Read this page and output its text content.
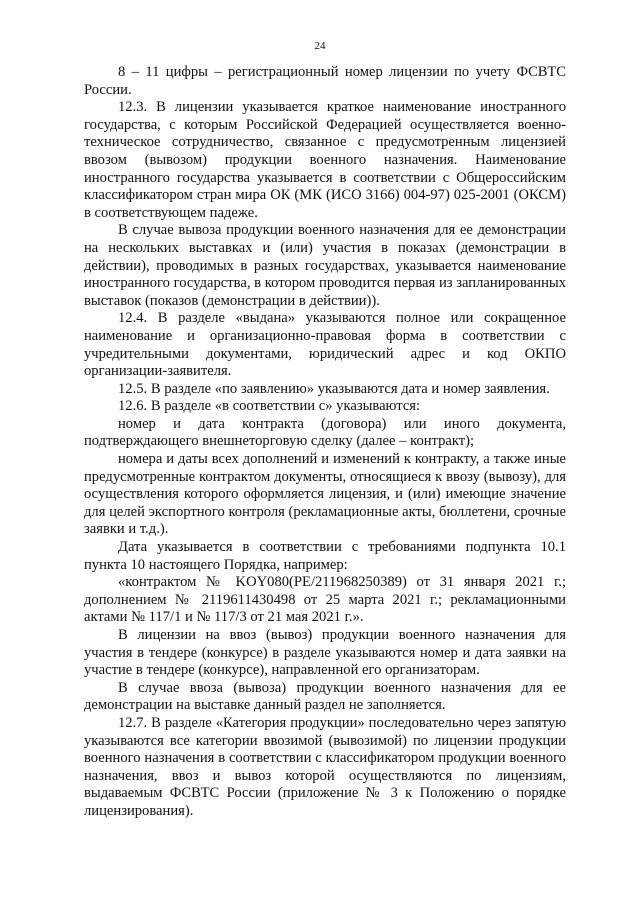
24

8 – 11 цифры – регистрационный номер лицензии по учету ФСВТС России.

12.3. В лицензии указывается краткое наименование иностранного государства, с которым Российской Федерацией осуществляется военно-техническое сотрудничество, связанное с предусмотренным лицензией ввозом (вывозом) продукции военного назначения. Наименование иностранного государства указывается в соответствии с Общероссийским классификатором стран мира ОК (МК (ИСО 3166) 004-97) 025-2001 (ОКСМ) в соответствующем падеже.

В случае вывоза продукции военного назначения для ее демонстрации на нескольких выставках и (или) участия в показах (демонстрации в действии), проводимых в разных государствах, указывается наименование иностранного государства, в котором проводится первая из запланированных выставок (показов (демонстрации в действии)).

12.4. В разделе «выдана» указываются полное или сокращенное наименование и организационно-правовая форма в соответствии с учредительными документами, юридический адрес и код ОКПО организации-заявителя.

12.5. В разделе «по заявлению» указываются дата и номер заявления.

12.6. В разделе «в соответствии с» указываются:

номер и дата контракта (договора) или иного документа, подтверждающего внешнеторговую сделку (далее – контракт);

номера и даты всех дополнений и изменений к контракту, а также иные предусмотренные контрактом документы, относящиеся к ввозу (вывозу), для осуществления которого оформляется лицензия, и (или) имеющие значение для целей экспортного контроля (рекламационные акты, бюллетени, срочные заявки и т.д.).

Дата указывается в соответствии с требованиями подпункта 10.1 пункта 10 настоящего Порядка, например:

«контрактом № KOY080(PE/211968250389) от 31 января 2021 г.; дополнением № 2119611430498 от 25 марта 2021 г.; рекламационными актами № 117/1 и № 117/3 от 21 мая 2021 г.».

В лицензии на ввоз (вывоз) продукции военного назначения для участия в тендере (конкурсе) в разделе указываются номер и дата заявки на участие в тендере (конкурсе), направленной его организаторам.

В случае ввоза (вывоза) продукции военного назначения для ее демонстрации на выставке данный раздел не заполняется.

12.7. В разделе «Категория продукции» последовательно через запятую указываются все категории ввозимой (вывозимой) по лицензии продукции военного назначения в соответствии с классификатором продукции военного назначения, ввоз и вывоз которой осуществляются по лицензиям, выдаваемым ФСВТС России (приложение № 3 к Положению о порядке лицензирования).
